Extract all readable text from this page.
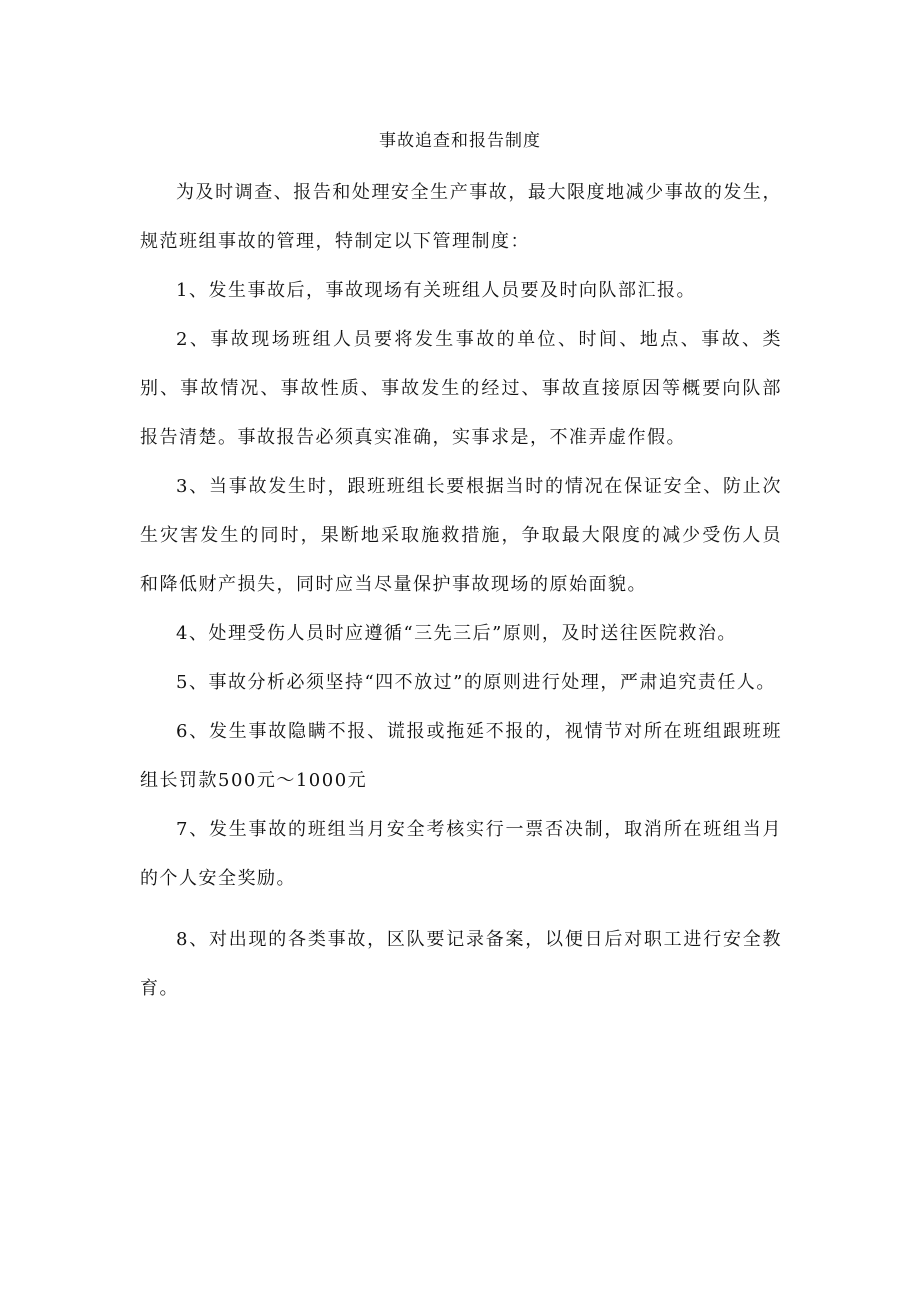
事故追查和报告制度

为及时调查、报告和处理安全生产事故，最大限度地减少事故的发生，规范班组事故的管理，特制定以下管理制度：

1、发生事故后，事故现场有关班组人员要及时向队部汇报。

2、事故现场班组人员要将发生事故的单位、时间、地点、事故、类别、事故情况、事故性质、事故发生的经过、事故直接原因等概要向队部报告清楚。事故报告必须真实准确，实事求是，不准弄虚作假。

3、当事故发生时，跟班班组长要根据当时的情况在保证安全、防止次生灾害发生的同时，果断地采取施救措施，争取最大限度的减少受伤人员和降低财产损失，同时应当尽量保护事故现场的原始面貌。

4、处理受伤人员时应遵循“三先三后”原则，及时送往医院救治。

5、事故分析必须坚持“四不放过”的原则进行处理，严肃追究责任人。

6、发生事故隐瞒不报、谎报或拖延不报的，视情节对所在班组跟班班组长罚款500元～1000元

7、发生事故的班组当月安全考核实行一票否决制，取消所在班组当月的个人安全奖励。

8、对出现的各类事故，区队要记录备案，以便日后对职工进行安全教育。
